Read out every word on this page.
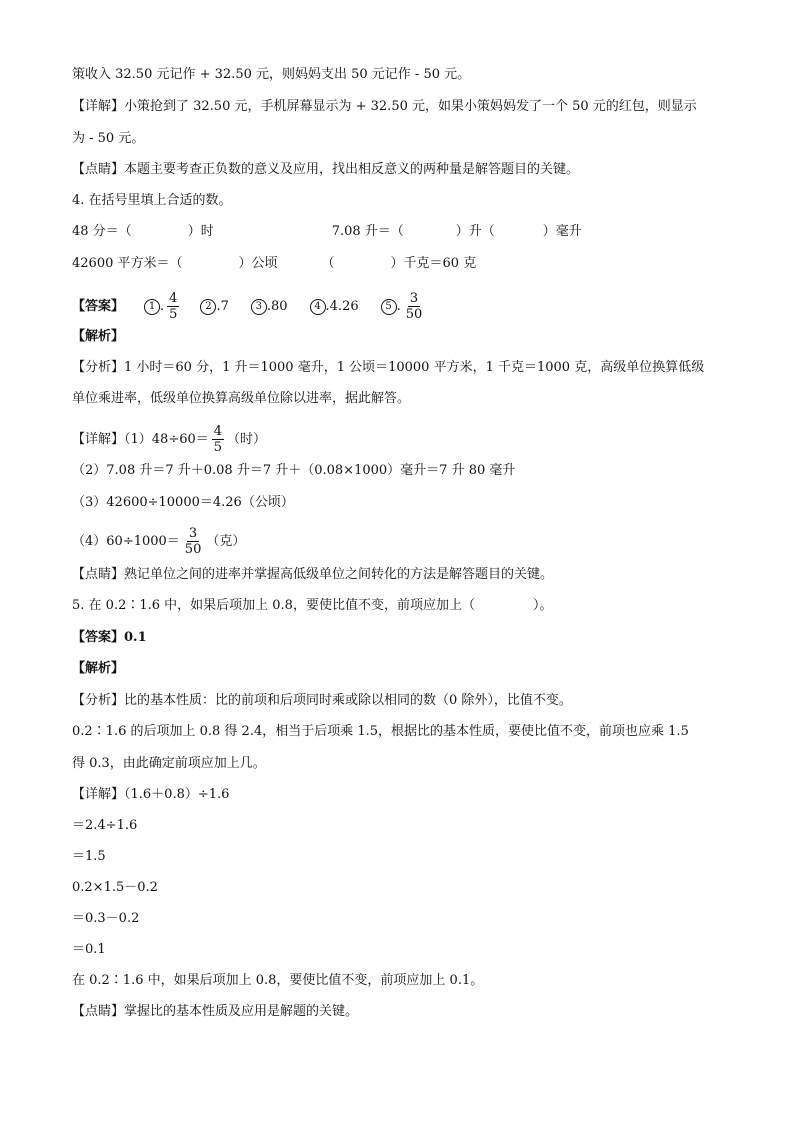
策收入 32.50 元记作 + 32.50 元，则妈妈支出 50 元记作 - 50 元。
【详解】小策抢到了 32.50 元，手机屏幕显示为 + 32.50 元，如果小策妈妈发了一个 50 元的红包，则显示
为 - 50 元。
【点睛】本题主要考查正负数的意义及应用，找出相反意义的两种量是解答题目的关键。
4. 在括号里填上合适的数。
48 分＝（	）时	7.08 升＝（	）升（	）毫升
42600 平方米＝（	）公顷	（	）千克＝60 克
【答案】 1 . $\frac{4}{5}$	2 .7	3 .80	4 .4.26	5 . $\frac{3}{50}$
【解析】
【分析】1 小时＝60 分，1 升＝1000 毫升，1 公顷＝10000 平方米，1 千克＝1000 克，高级单位换算低级
单位乘进率，低级单位换算高级单位除以进率，据此解答。
【详解】$(1)48\div 60= \frac{4}{5}$ （时）
（2）7.08 升＝7 升＋0.08 升＝7 升＋（0.08×1000）毫升＝7 升 80 毫升
（3）42600÷10000＝4.26（公顷）
$(4)60\div 1000= \frac{3}{50}$ （克）
【点睛】熟记单位之间的进率并掌握高低级单位之间转化的方法是解答题目的关键。
5. 在 0.2∶1.6 中，如果后项加上 0.8，要使比值不变，前项应加上（	）。
【答案】0.1
【解析】
【分析】比的基本性质：比的前项和后项同时乘或除以相同的数（0 除外），比值不变。
0.2∶1.6 的后项加上 0.8 得 2.4，相当于后项乘 1.5，根据比的基本性质，要使比值不变，前项也应乘 1.5
得 0.3，由此确定前项应加上几。
【详解】（1.6＋0.8）÷1.6
＝2.4÷1.6
＝1.5
0.2×1.5－0.2
＝0.3－0.2
＝0.1
在 0.2∶1.6 中，如果后项加上 0.8，要使比值不变，前项应加上 0.1。
【点睛】掌握比的基本性质及应用是解题的关键。
